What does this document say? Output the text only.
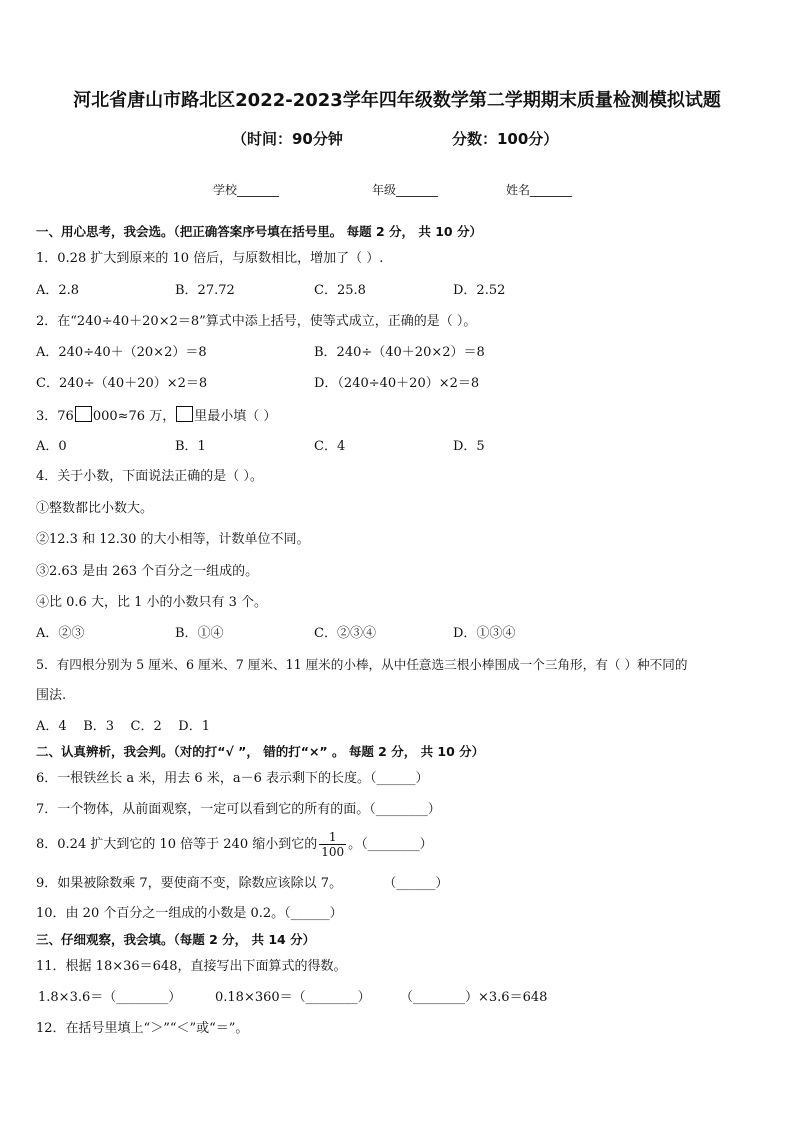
河北省唐山市路北区2022-2023学年四年级数学第二学期期末质量检测模拟试题
（时间：90分钟	分数：100分）
学校_______	年级_______	姓名_______
一、用心思考，我会选。（把正确答案序号填在括号里。 每题 2 分， 共 10 分）
1．0.28 扩大到原来的 10 倍后，与原数相比，增加了（ ）.
A．2.8	B．27.72	C．25.8	D．2.52
2．在“240÷40＋20×2＝8”算式中添上括号，使等式成立，正确的是（ ）。
A．240÷40＋（20×2）＝8	B．240÷（40＋20×2）＝8
C．240÷（40＋20）×2＝8	D．（240÷40＋20）×2＝8
3．76 000≈76 万， 里最小填（ ）
A．0	B．1	C．4	D．5
4．关于小数，下面说法正确的是（ ）。
①整数都比小数大。
②12.3 和 12.30 的大小相等，计数单位不同。
③2.63 是由 263 个百分之一组成的。
④比 0.6 大，比 1 小的小数只有 3 个。
A．②③	B．①④	C．②③④	D．①③④
5．有四根分别为 5 厘米、6 厘米、7 厘米、11 厘米的小棒，从中任意选三根小棒围成一个三角形，有（ ）种不同的
围法.
A．4    B．3    C．2    D．1
二、认真辨析，我会判。（对的打“√ ”， 错的打“×” 。 每题 2 分， 共 10 分）
6．一根铁丝长 a 米，用去 6 米，a－6 表示剩下的长度。（______）
7．一个物体，从前面观察，一定可以看到它的所有的面。（________）
8．0.24 扩大到它的 10 倍等于 240 缩小到它的 $\frac{1}{100}$ 。（________）
9．如果被除数乘 7，要使商不变，除数应该除以 7。          （______）
10．由 20 个百分之一组成的小数是 0.2。（______）
三、仔细观察，我会填。（每题 2 分， 共 14 分）
11．根据 18×36＝648，直接写出下面算式的得数。
1.8×3.6＝（________）	0.18×360＝（________） （________）×3.6＝648
12．在括号里填上“＞”“＜”或“＝”。
